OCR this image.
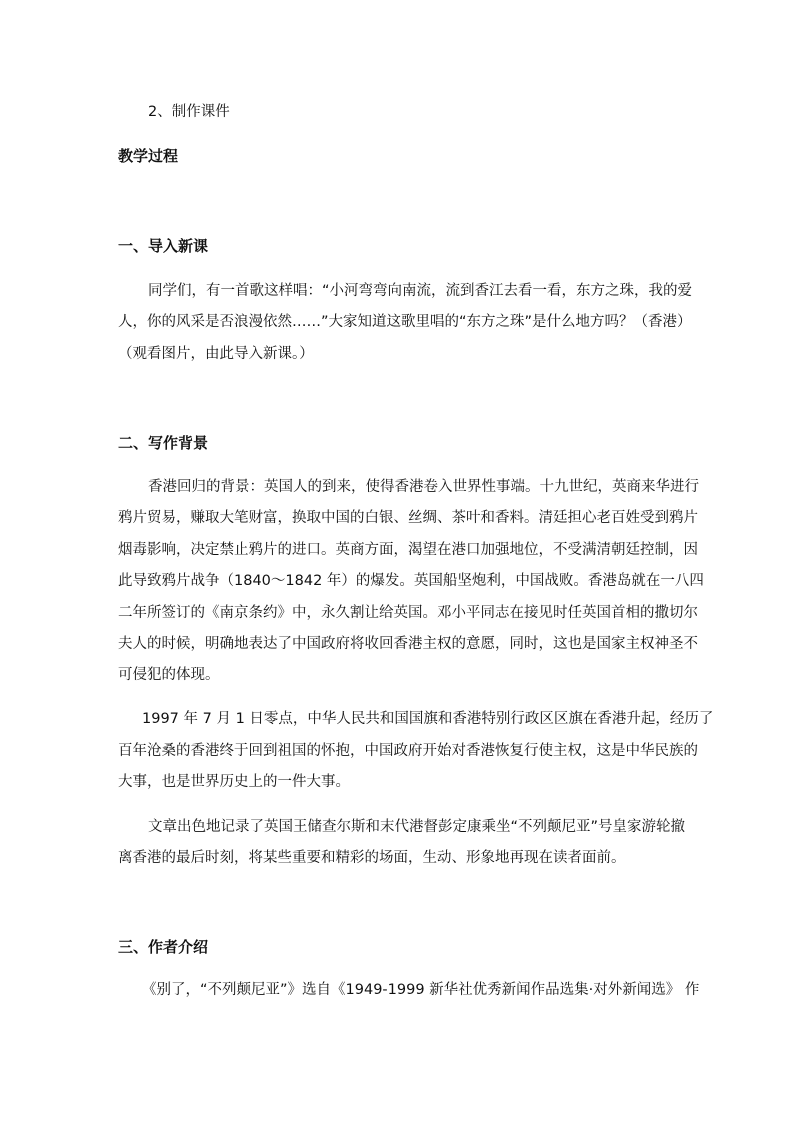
2、制作课件
教学过程
一、导入新课
同学们，有一首歌这样唱：“小河弯弯向南流，流到香江去看一看，东方之珠，我的爱
人，你的风采是否浪漫依然……”大家知道这歌里唱的“东方之珠”是什么地方吗？（香港）
（观看图片，由此导入新课。）
二、写作背景
香港回归的背景：英国人的到来，使得香港卷入世界性事端。十九世纪，英商来华进行
鸦片贸易，赚取大笔财富，换取中国的白银、丝绸、茶叶和香料。清廷担心老百姓受到鸦片
烟毒影响，决定禁止鸦片的进口。英商方面，渴望在港口加强地位，不受满清朝廷控制，因
此导致鸦片战争（1840～1842 年）的爆发。英国船坚炮利，中国战败。香港岛就在一八四
二年所签订的《南京条约》中，永久割让给英国。邓小平同志在接见时任英国首相的撒切尔
夫人的时候，明确地表达了中国政府将收回香港主权的意愿，同时，这也是国家主权神圣不
可侵犯的体现。
1997 年 7 月 1 日零点，中华人民共和国国旗和香港特别行政区区旗在香港升起，经历了
百年沧桑的香港终于回到祖国的怀抱，中国政府开始对香港恢复行使主权，这是中华民族的
大事，也是世界历史上的一件大事。
文章出色地记录了英国王储查尔斯和末代港督彭定康乘坐“不列颠尼亚”号皇家游轮撤
离香港的最后时刻，将某些重要和精彩的场面，生动、形象地再现在读者面前。
三、作者介绍
《别了，“不列颠尼亚”》选自《1949-1999 新华社优秀新闻作品选集·对外新闻选》 作
